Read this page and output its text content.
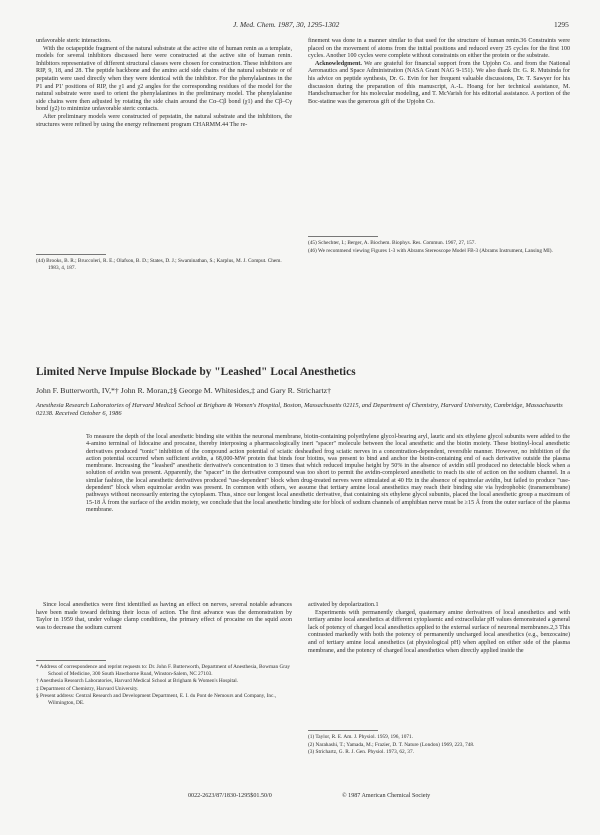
J. Med. Chem. 1987, 30, 1295-1302	1295

unfavorable steric interactions.

With the octapeptide fragment of the natural substrate at the active site of human renin as a template, models for several inhibitors discussed here were constructed at the active site of human renin. Inhibitors representative of different structural classes were chosen for construction. These inhibitors are RIP, 9, 18, and 28. The peptide backbone and the amino acid side chains of the natural substrate or of pepstatin were used directly when they were identical with the inhibitor. For the phenylalanines in the P1 and P1' positions of RIP, the χ1 and χ2 angles for the corresponding residues of the model for the natural substrate were used to orient the phenylalanines in the preliminary model. The phenylalanine side chains were then adjusted by rotating the side chain around the Cα–Cβ bond (χ1) and the Cβ–Cγ bond (χ2) to minimize unfavorable steric contacts.

After preliminary models were constructed of pepstatin, the natural substrate and the inhibitors, the structures were refined by using the energy refinement program CHARMM.44 The re-

(44) Brooks, B. R.; Bruccoleri, R. E.; Olafson, B. D.; States, D. J.; Swaminathan, S.; Karplus, M. J. Comput. Chem. 1983, 4, 187.

finement was done in a manner similar to that used for the structure of human renin.36 Constraints were placed on the movement of atoms from the initial positions and reduced every 25 cycles for the first 100 cycles. Another 100 cycles were complete without constraints on either the protein or the substrate.

Acknowledgment. We are grateful for financial support from the Upjohn Co. and from the National Aeronautics and Space Administration (NASA Grant NAG 9-151). We also thank Dr. G. R. Mutsinda for his advice on peptide synthesis, Dr. G. Evin for her frequent valuable discussions, Dr. T. Sawyer for his discussion during the preparation of this manuscript, A.-L. Hoang for her technical assistance, M. Handschumacher for his molecular modeling, and T. McVarish for his editorial assistance. A portion of the Boc-statine was the generous gift of the Upjohn Co.

(45) Schechter, I.; Berger, A. Biochem. Biophys. Res. Commun. 1967, 27, 157.

(46) We recommend viewing Figures 1-3 with Abrams Stereoscope Model FB-3 (Abrams Instrument, Lansing MI).

Limited Nerve Impulse Blockade by "Leashed" Local Anesthetics
John F. Butterworth, IV,*† John R. Moran,‡§ George M. Whitesides,‡ and Gary R. Strichartz†
Anesthesia Research Laboratories of Harvard Medical School at Brigham & Women's Hospital, Boston, Massachusetts 02115, and Department of Chemistry, Harvard University, Cambridge, Massachusetts 02138. Received October 6, 1986
To measure the depth of the local anesthetic binding site within the neuronal membrane, biotin-containing polyethylene glycol-bearing aryl, lauric and six ethylene glycol subunits were added to the 4-amino terminal of lidocaine and procaine, thereby interposing a pharmacologically inert "spacer" molecule between the local anesthetic and the biotin moiety. These biotinyl-local anesthetic derivatives produced "tonic" inhibition of the compound action potential of sciatic desheathed frog sciatic nerves in a concentration-dependent, reversible manner. However, no inhibition of the action potential occurred when sufficient avidin, a 68,000-MW protein that binds four biotins, was present to bind and anchor the biotin-containing end of each derivative outside the plasma membrane. Increasing the "leashed" anesthetic derivative's concentration to 3 times that which reduced impulse height by 50% in the absence of avidin still produced no detectable block when a solution of avidin was present. Apparently, the "spacer" in the derivative compound was too short to permit the avidin-complexed anesthetic to reach its site of action on the sodium channel. In a similar fashion, the local anesthetic derivatives produced "use-dependent" block when drug-treated nerves were stimulated at 40 Hz in the absence of equimolar avidin, but failed to produce "use-dependent" block when equimolar avidin was present. In common with others, we assume that tertiary amine local anesthetics may reach their binding site via hydrophobic (transmembrane) pathways without necessarily entering the cytoplasm. Thus, since our longest local anesthetic derivative, that containing six ethylene glycol subunits, placed the local anesthetic group a maximum of 15-18 Å from the surface of the avidin moiety, we conclude that the local anesthetic binding site for block of sodium channels of amphibian nerve must be ≥15 Å from the outer surface of the plasma membrane.

Since local anesthetics were first identified as having an effect on nerves, several notable advances have been made toward defining their locus of action. The first advance was the demonstration by Taylor in 1959 that, under voltage clamp conditions, the primary effect of procaine on the squid axon was to decrease the sodium current

* Address of correspondence and reprint requests to: Dr. John F. Butterworth, Department of Anesthesia, Bowman Gray School of Medicine, 300 South Hawthorne Road, Winston-Salem, NC 27103.

† Anesthesia Research Laboratories, Harvard Medical School at Brigham & Women's Hospital.

‡ Department of Chemistry, Harvard University.

§ Present address: Central Research and Development Department, E. I. du Pont de Nemours and Company, Inc., Wilmington, DE.

activated by depolarization.1

Experiments with permanently charged, quaternary amine derivatives of local anesthetics and with tertiary amine local anesthetics at different cytoplasmic and extracellular pH values demonstrated a general lack of potency of charged local anesthetics applied to the external surface of neuronal membranes.2,3 This contrasted markedly with both the potency of permanently uncharged local anesthetics (e.g., benzocaine) and of tertiary amine local anesthetics (at physiological pH) when applied on either side of the plasma membrane, and the potency of charged local anesthetics when directly applied inside the

(1) Taylor, R. E. Am. J. Physiol. 1959, 196, 1071.

(2) Narahashi, T.; Yamada, M.; Frazier, D. T. Nature (London) 1969, 223, 748.

(3) Strichartz, G. R. J. Gen. Physiol. 1973, 62, 37.

0022-2623/87/1830-1295$01.50/0	© 1987 American Chemical Society
